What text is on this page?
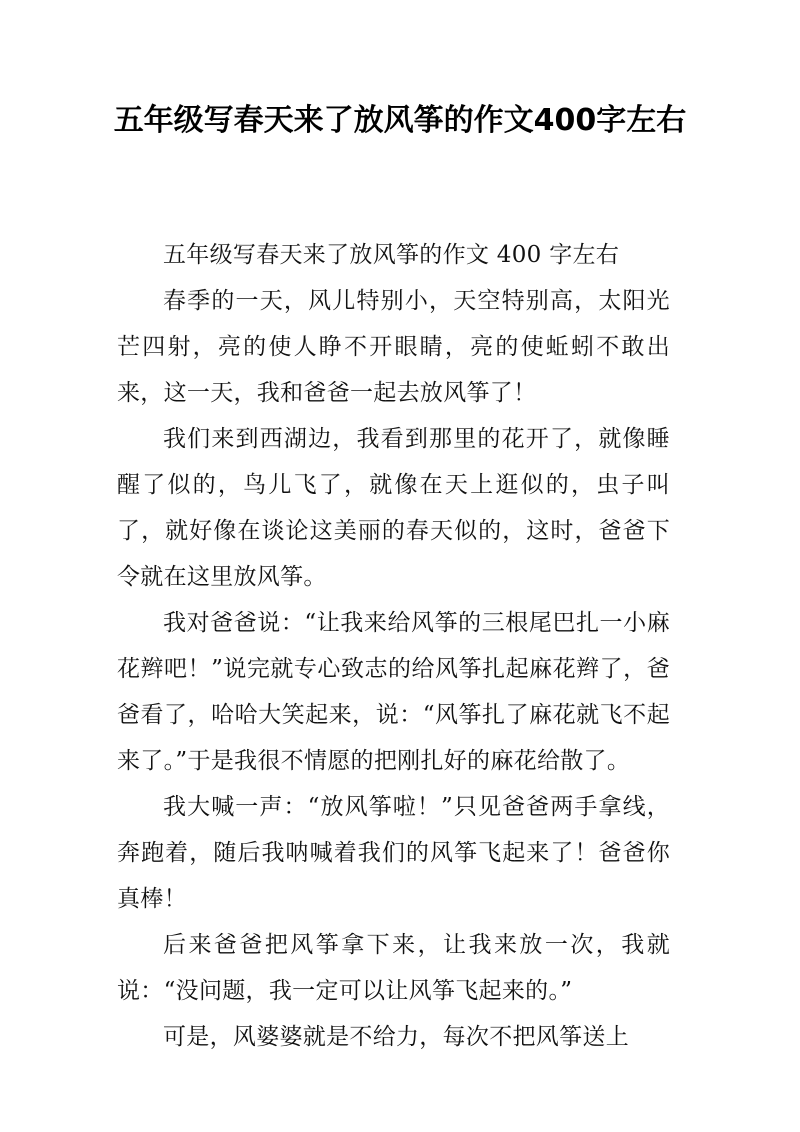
五年级写春天来了放风筝的作文400字左右

五年级写春天来了放风筝的作文 400 字左右

春季的一天，风儿特别小，天空特别高，太阳光芒四射，亮的使人睁不开眼睛，亮的使蚯蚓不敢出来，这一天，我和爸爸一起去放风筝了！

我们来到西湖边，我看到那里的花开了，就像睡醒了似的，鸟儿飞了，就像在天上逛似的，虫子叫了，就好像在谈论这美丽的春天似的，这时，爸爸下令就在这里放风筝。

我对爸爸说：“让我来给风筝的三根尾巴扎一小麻花辫吧！”说完就专心致志的给风筝扎起麻花辫了，爸爸看了，哈哈大笑起来，说：“风筝扎了麻花就飞不起来了。”于是我很不情愿的把刚扎好的麻花给散了。

我大喊一声：“放风筝啦！”只见爸爸两手拿线，奔跑着，随后我呐喊着我们的风筝飞起来了！爸爸你真棒！

后来爸爸把风筝拿下来，让我来放一次，我就说：“没问题，我一定可以让风筝飞起来的。”

可是，风婆婆就是不给力，每次不把风筝送上
